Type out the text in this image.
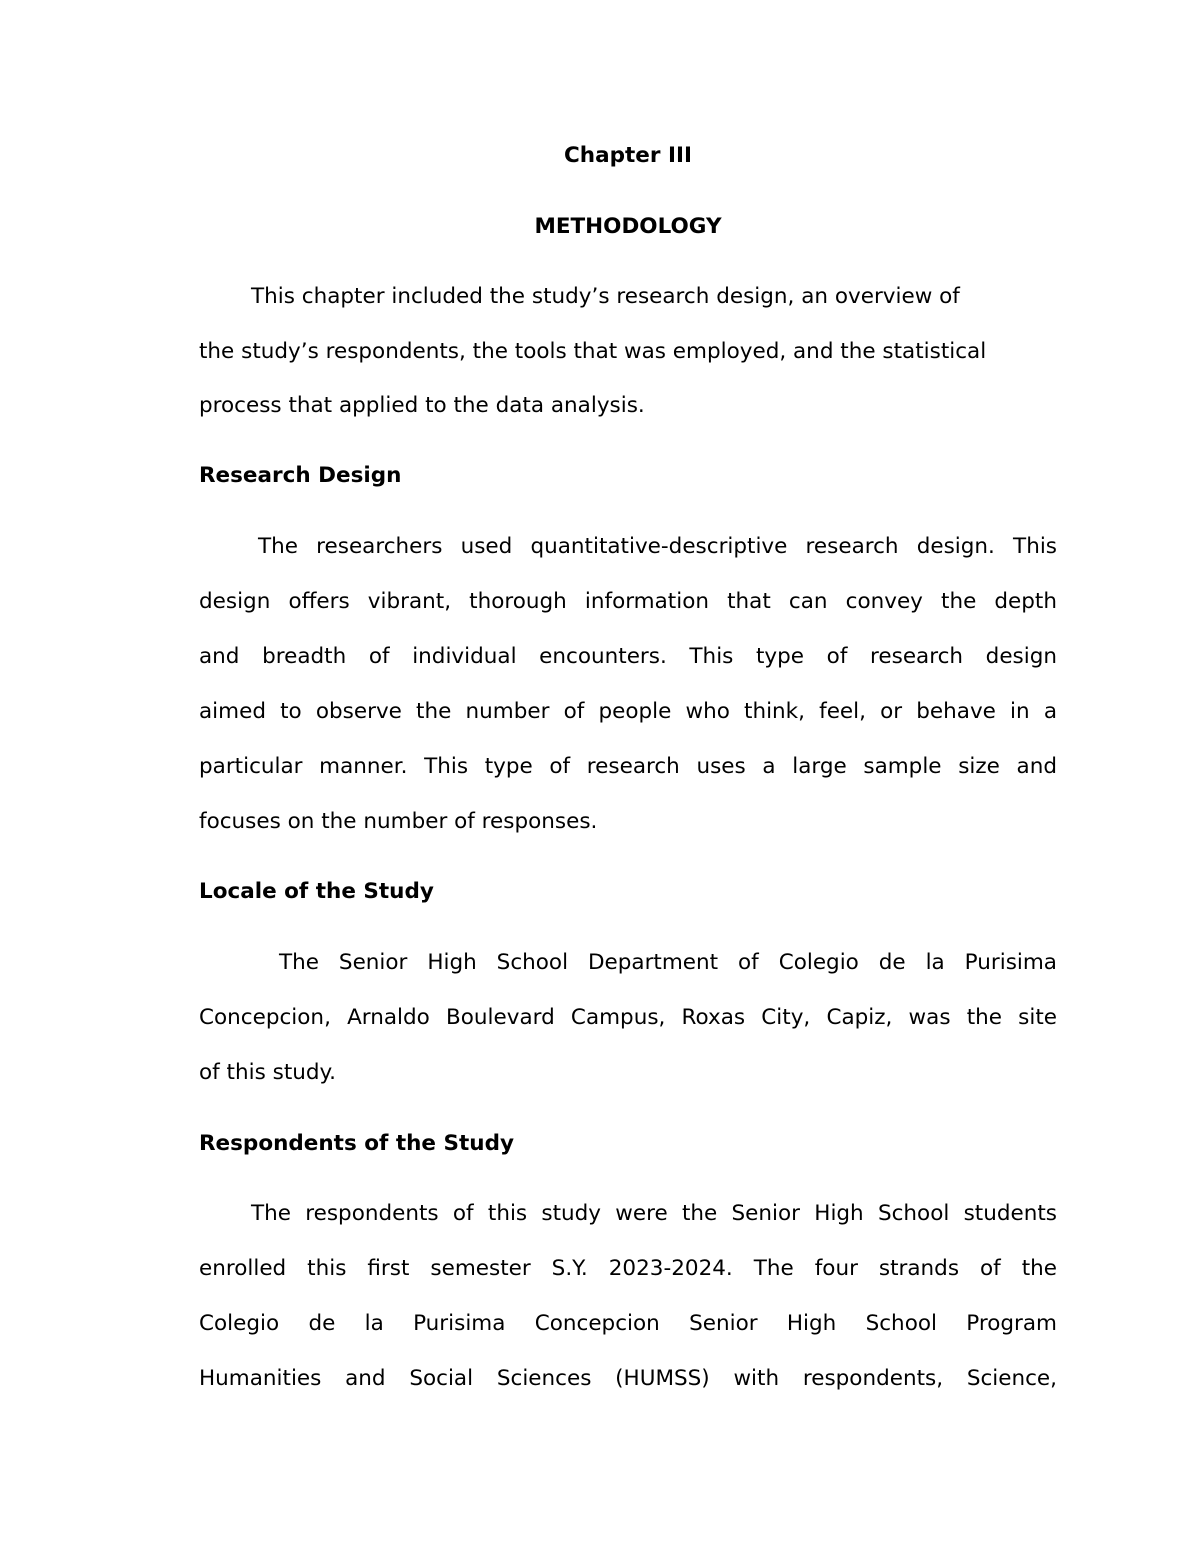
Chapter III
METHODOLOGY
This chapter included the study’s research design, an overview of
the study’s respondents, the tools that was employed, and the statistical
process that applied to the data analysis.
Research Design
The researchers used quantitative-descriptive research design. This
design offers vibrant, thorough information that can convey the depth
and breadth of individual encounters. This type of research design
aimed to observe the number of people who think, feel, or behave in a
particular manner. This type of research uses a large sample size and
focuses on the number of responses.
Locale of the Study
The Senior High School Department of Colegio de la Purisima
Concepcion, Arnaldo Boulevard Campus, Roxas City, Capiz, was the site
of this study.
Respondents of the Study
The respondents of this study were the Senior High School students
enrolled this first semester S.Y. 2023-2024. The four strands of the
Colegio de la Purisima Concepcion Senior High School Program
Humanities and Social Sciences (HUMSS) with respondents, Science,
